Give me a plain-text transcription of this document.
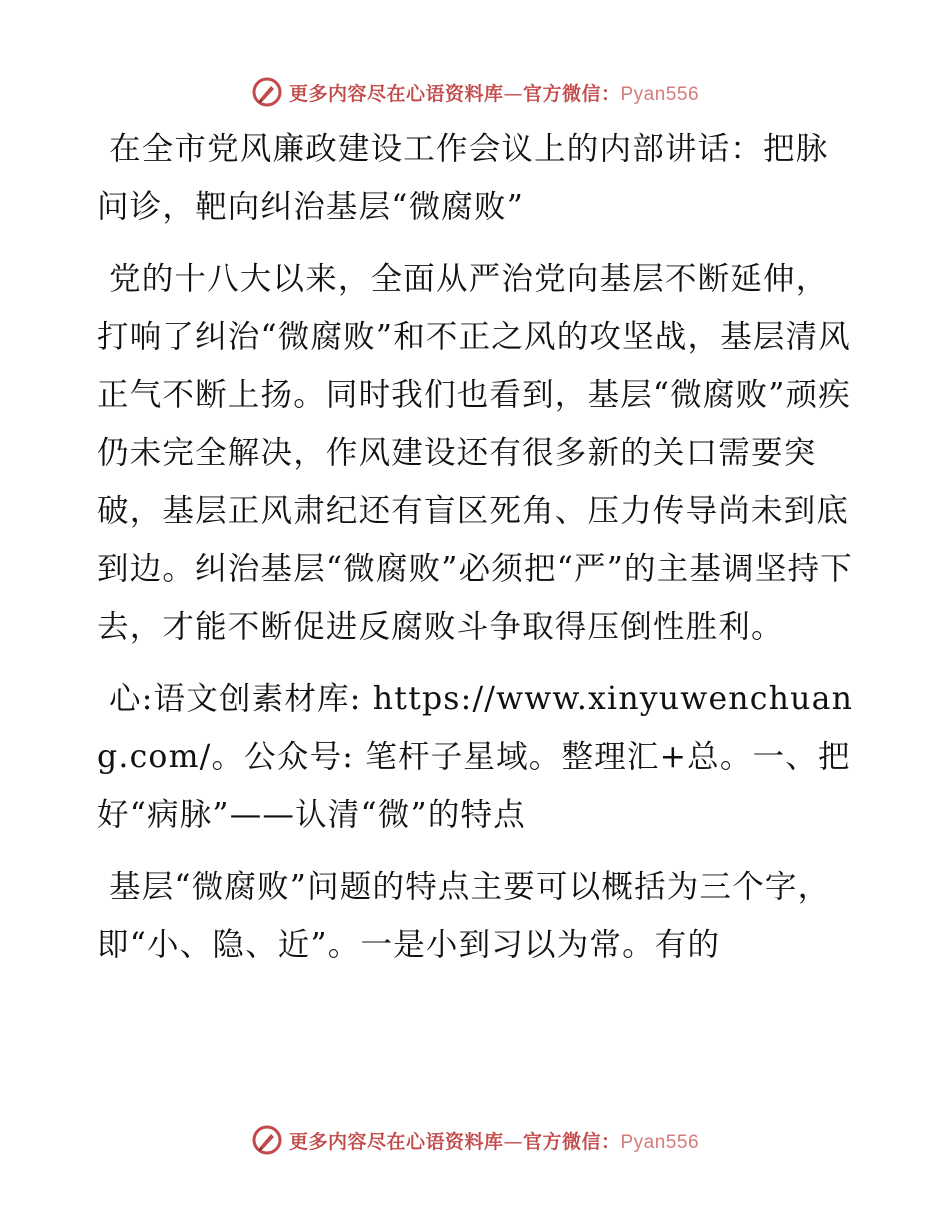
更多内容尽在心语资料库—官方微信：Pyan556

在全市党风廉政建设工作会议上的内部讲话：把脉问诊，靶向纠治基层“微腐败”

党的十八大以来，全面从严治党向基层不断延伸，打响了纠治“微腐败”和不正之风的攻坚战，基层清风正气不断上扬。同时我们也看到，基层“微腐败”顽疾仍未完全解决，作风建设还有很多新的关口需要突破，基层正风肃纪还有盲区死角、压力传导尚未到底到边。纠治基层“微腐败”必须把“严”的主基调坚持下去，才能不断促进反腐败斗争取得压倒性胜利。

心:语文创素材库: https://www.xinyuwenchuang.com/。公众号: 笔杆子星域。整理汇+总。一、把好“病脉”——认清“微”的特点

基层“微腐败”问题的特点主要可以概括为三个字，即“小、隐、近”。一是小到习以为常。有的

更多内容尽在心语资料库—官方微信：Pyan556
